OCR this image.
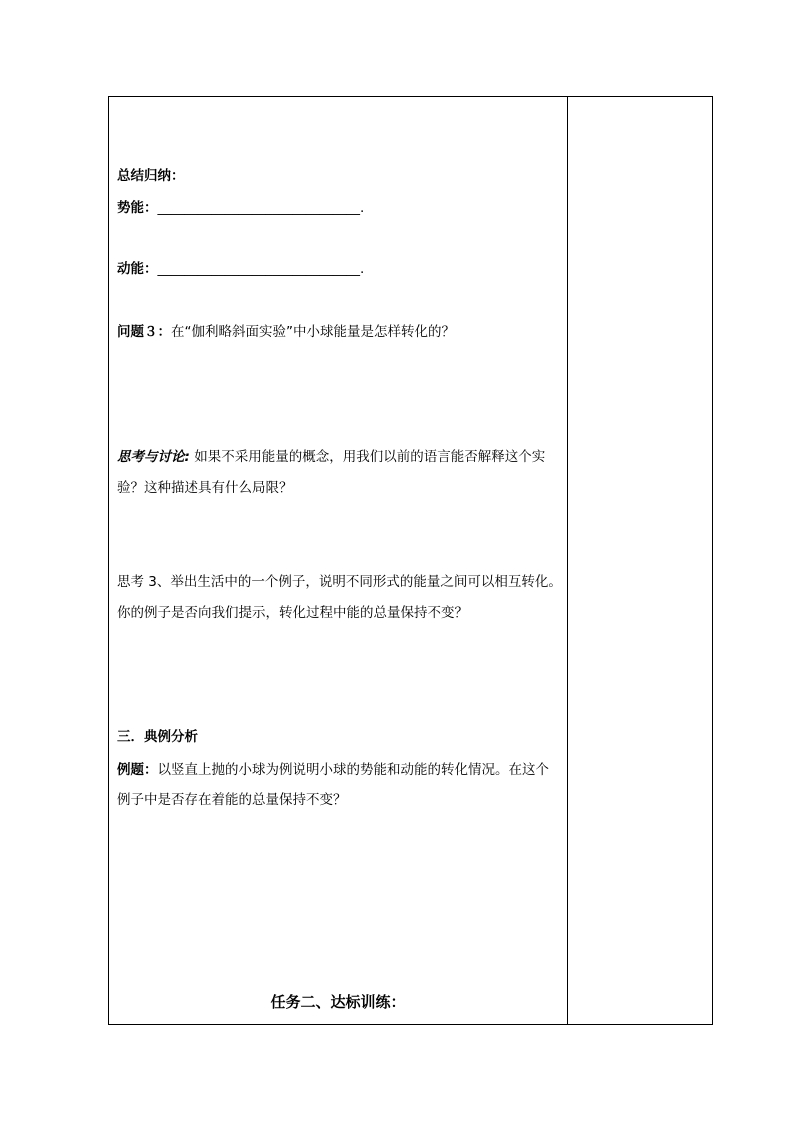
总结归纳：
势能：______________________________.
动能：______________________________.
问题３：在“伽利略斜面实验”中小球能量是怎样转化的？
思考与讨论: 如果不采用能量的概念，用我们以前的语言能否解释这个实
验？这种描述具有什么局限？
思考 3、举出生活中的一个例子，说明不同形式的能量之间可以相互转化。
你的例子是否向我们提示，转化过程中能的总量保持不变？
三．典例分析
例题：以竖直上抛的小球为例说明小球的势能和动能的转化情况。在这个
例子中是否存在着能的总量保持不变？
任务二、达标训练：
